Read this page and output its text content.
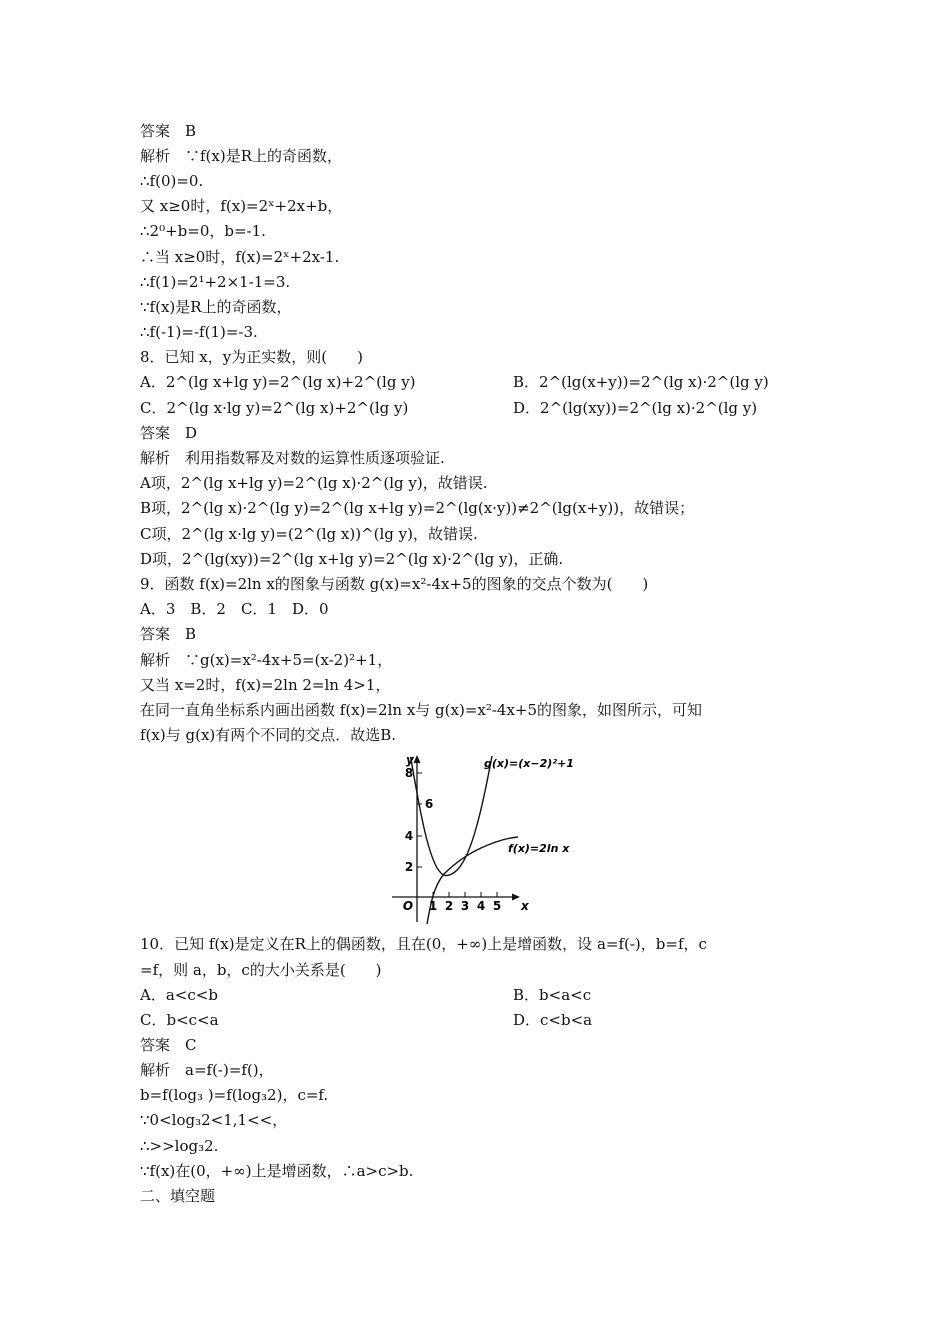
答案　B
解析　∵f(x)是R上的奇函数，
∴f(0)=0.
又 x≥0时，f(x)=2ˣ+2x+b，
∴2⁰+b=0，b=-1.
∴当 x≥0时，f(x)=2ˣ+2x-1.
∴f(1)=2¹+2×1-1=3.
∵f(x)是R上的奇函数，
∴f(-1)=-f(1)=-3.
8．已知 x，y为正实数，则(　　)
A．2^(lg x+lg y)=2^(lg x)+2^(lg y)	B．2^(lg(x+y))=2^(lg x)·2^(lg y)
C．2^(lg x·lg y)=2^(lg x)+2^(lg y)	D．2^(lg(xy))=2^(lg x)·2^(lg y)
答案　D
解析　利用指数幂及对数的运算性质逐项验证.
A项，2^(lg x+lg y)=2^(lg x)·2^(lg y)，故错误.
B项，2^(lg x)·2^(lg y)=2^(lg x+lg y)=2^(lg(x·y))≠2^(lg(x+y))，故错误；
C项，2^(lg x·lg y)=(2^(lg x))^(lg y)，故错误.
D项，2^(lg(xy))=2^(lg x+lg y)=2^(lg x)·2^(lg y)，正确.
9．函数 f(x)=2ln x的图象与函数 g(x)=x²-4x+5的图象的交点个数为(　　)
A．3　B．2　C．1　D．0
答案　B
解析　∵g(x)=x²-4x+5=(x-2)²+1，
又当 x=2时，f(x)=2ln 2=ln 4>1，
在同一直角坐标系内画出函数 f(x)=2ln x与 g(x)=x²-4x+5的图象，如图所示，可知
f(x)与 g(x)有两个不同的交点．故选B.
2
4
6
8
1 2 3 4 5
O	x
y	g(x)=(x−2)²+1
f(x)=2ln x
10．已知 f(x)是定义在R上的偶函数，且在(0，+∞)上是增函数，设 a=f(-)，b=f，c
=f，则 a，b，c的大小关系是(　　)
A．a<c<b	B．b<a<c
C．b<c<a	D．c<b<a
答案　C
解析　a=f(-)=f()，
b=f(log₃ )=f(log₃2)，c=f.
∵0<log₃2<1,1<<，
∴>>log₃2.
∵f(x)在(0，+∞)上是增函数，∴a>c>b.
二、填空题
